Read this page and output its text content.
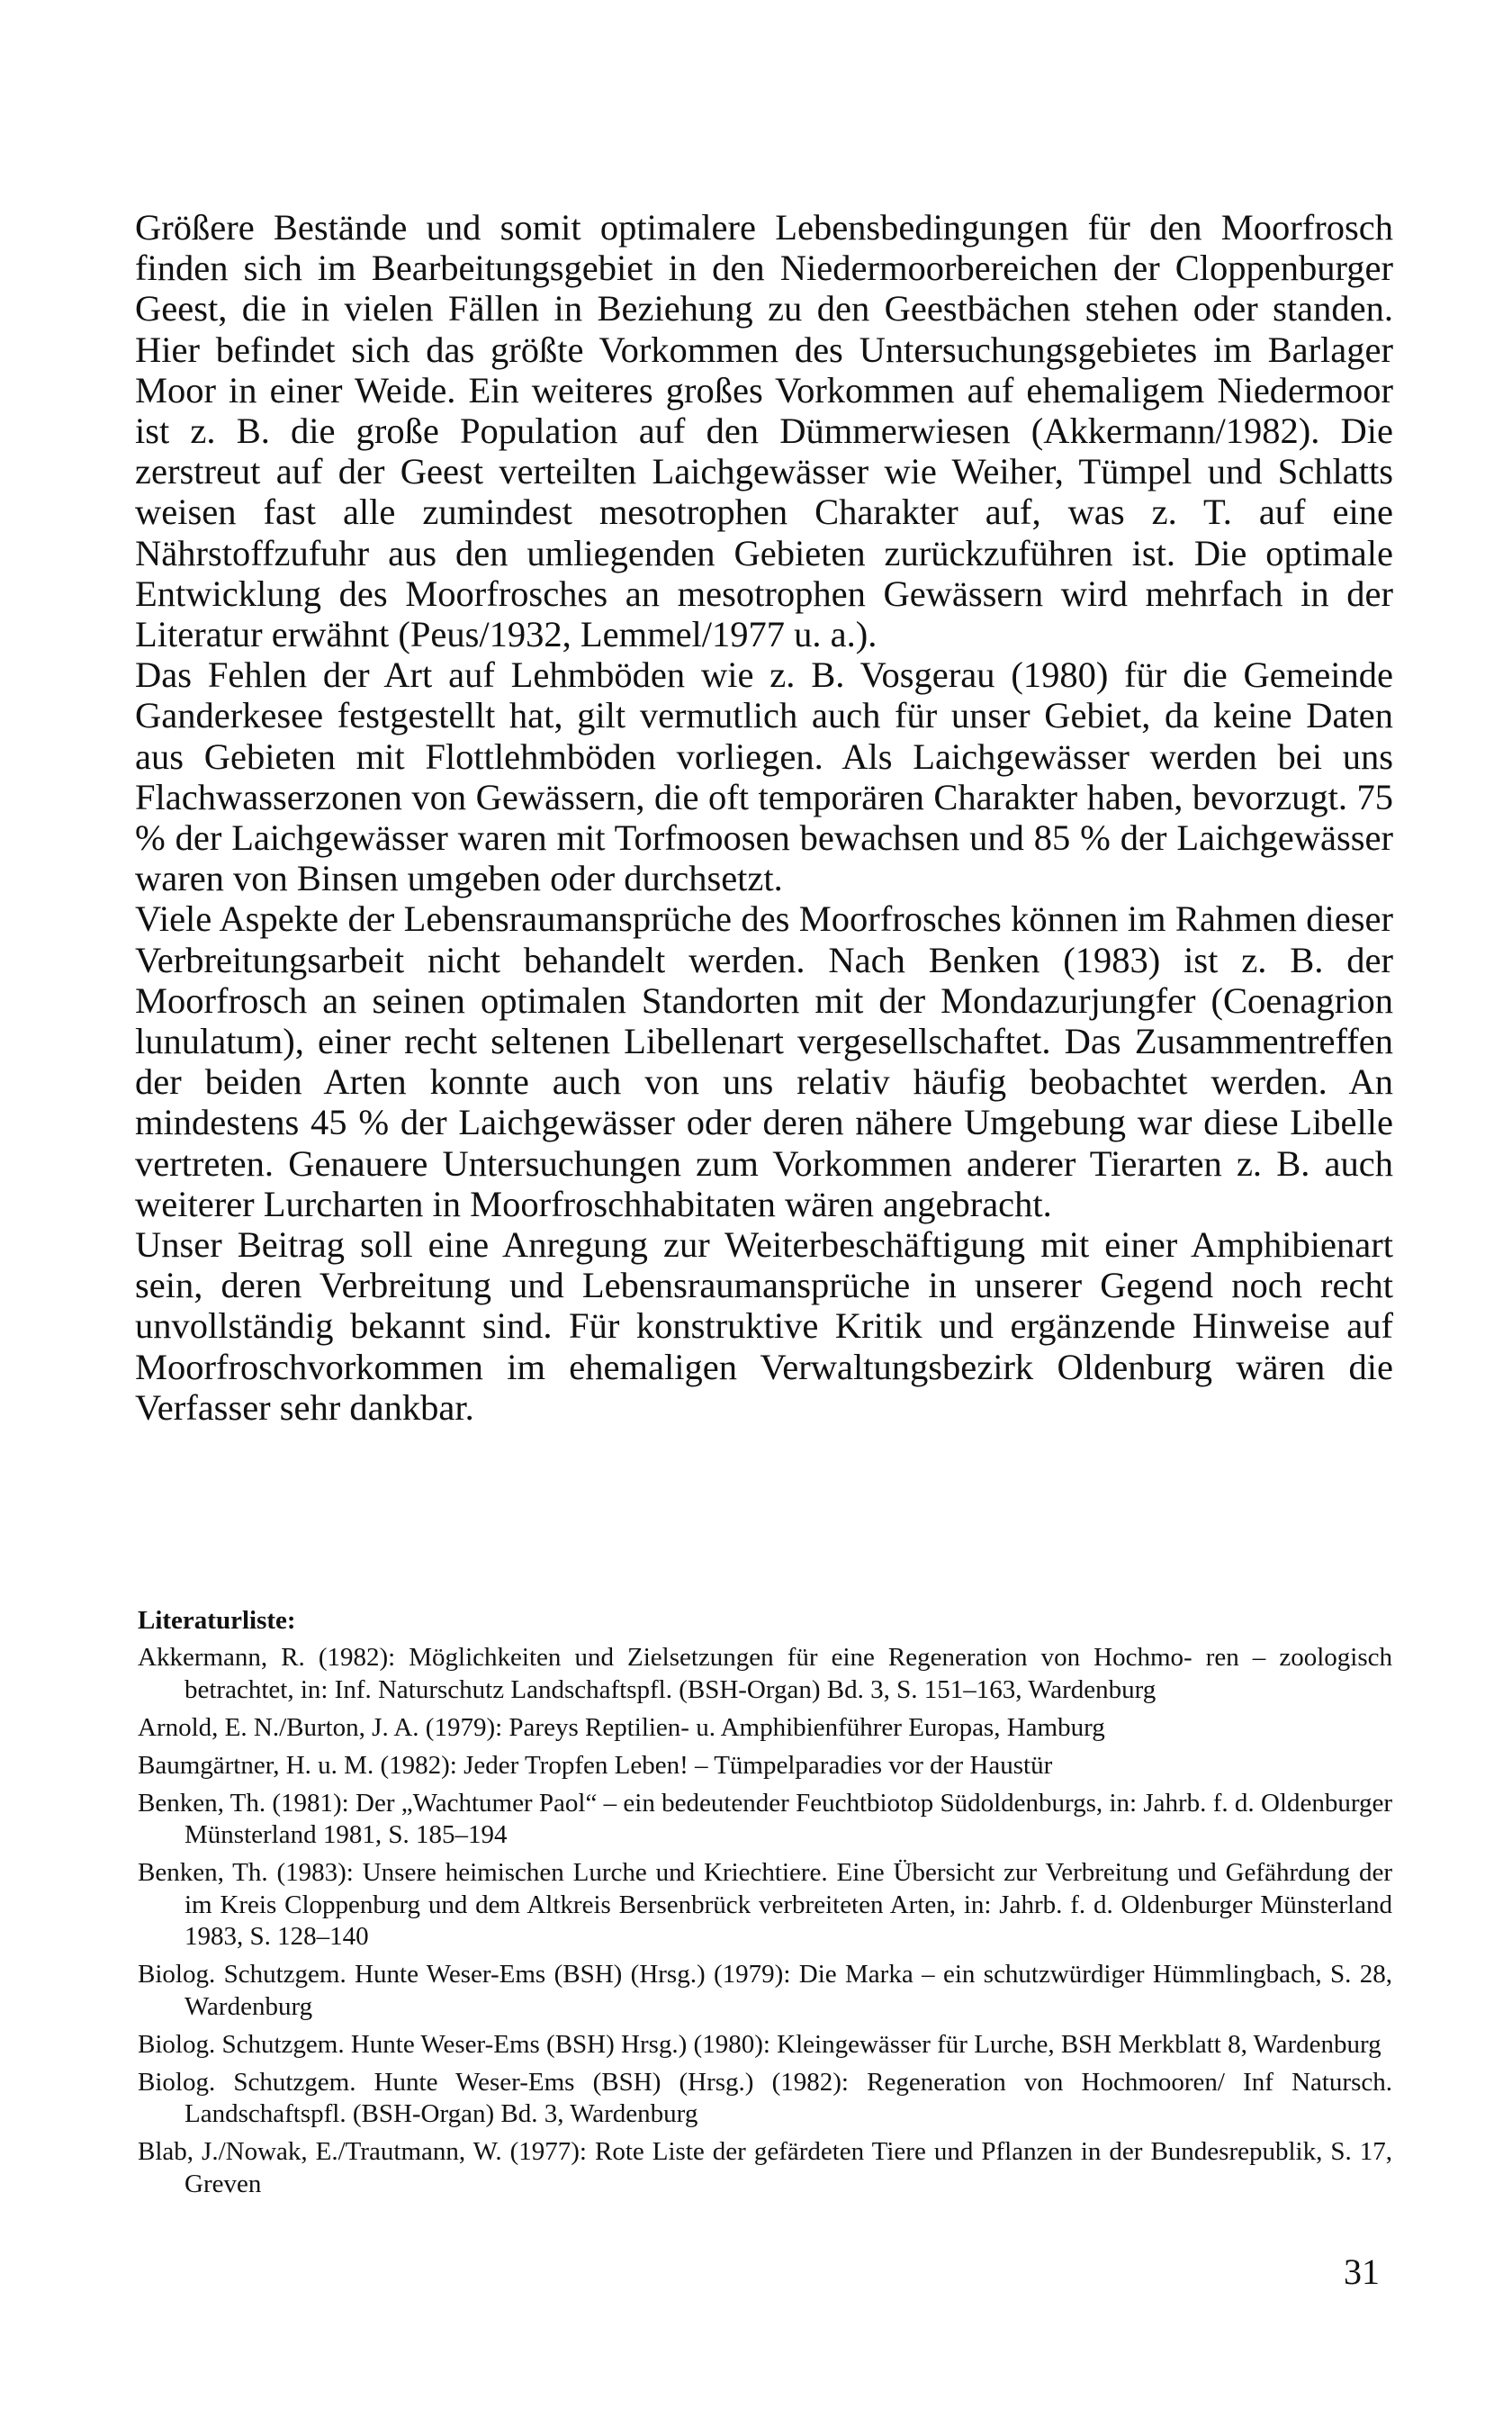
Größere Bestände und somit optimalere Lebensbedingungen für den Moorfrosch finden sich im Bearbeitungsgebiet in den Niedermoorbereichen der Cloppenburger Geest, die in vielen Fällen in Beziehung zu den Geestbächen stehen oder standen. Hier befindet sich das größte Vorkommen des Untersuchungsgebietes im Barlager Moor in einer Weide. Ein weiteres großes Vorkommen auf ehemaligem Niedermoor ist z. B. die große Population auf den Dümmerwiesen (Akkermann/1982). Die zerstreut auf der Geest verteilten Laichgewässer wie Weiher, Tümpel und Schlatts weisen fast alle zumindest mesotrophen Charakter auf, was z. T. auf eine Nährstoffzufuhr aus den umliegenden Gebieten zurückzuführen ist. Die optimale Entwicklung des Moorfrosches an mesotrophen Gewässern wird mehrfach in der Literatur erwähnt (Peus/1932, Lemmel/1977 u. a.).

Das Fehlen der Art auf Lehmböden wie z. B. Vosgerau (1980) für die Gemeinde Ganderkesee festgestellt hat, gilt vermutlich auch für unser Gebiet, da keine Daten aus Gebieten mit Flottlehmböden vorliegen. Als Laichgewässer werden bei uns Flachwasserzonen von Gewässern, die oft temporären Charakter haben, bevorzugt. 75 % der Laichgewässer waren mit Torfmoosen bewachsen und 85 % der Laichgewässer waren von Binsen umgeben oder durchsetzt.

Viele Aspekte der Lebensraumansprüche des Moorfrosches können im Rahmen dieser Verbreitungsarbeit nicht behandelt werden. Nach Benken (1983) ist z. B. der Moorfrosch an seinen optimalen Standorten mit der Mondazurjungfer (Coenagrion lunulatum), einer recht seltenen Libellenart vergesellschaftet. Das Zusammentreffen der beiden Arten konnte auch von uns relativ häufig beobachtet werden. An mindestens 45 % der Laichgewässer oder deren nähere Umgebung war diese Libelle vertreten. Genauere Untersuchungen zum Vorkommen anderer Tierarten z. B. auch weiterer Lurcharten in Moorfroschhabitaten wären angebracht.

Unser Beitrag soll eine Anregung zur Weiterbeschäftigung mit einer Amphibienart sein, deren Verbreitung und Lebensraumansprüche in unserer Gegend noch recht unvollständig bekannt sind. Für konstruktive Kritik und ergänzende Hinweise auf Moorfroschvorkommen im ehemaligen Verwaltungsbezirk Oldenburg wären die Verfasser sehr dankbar.

Literaturliste:

Akkermann, R. (1982): Möglichkeiten und Zielsetzungen für eine Regeneration von Hochmo- ren – zoologisch betrachtet, in: Inf. Naturschutz Landschaftspfl. (BSH-Organ) Bd. 3, S. 151–163, Wardenburg

Arnold, E. N./Burton, J. A. (1979): Pareys Reptilien- u. Amphibienführer Europas, Hamburg

Baumgärtner, H. u. M. (1982): Jeder Tropfen Leben! – Tümpelparadies vor der Haustür

Benken, Th. (1981): Der „Wachtumer Paol“ – ein bedeutender Feuchtbiotop Südoldenburgs, in: Jahrb. f. d. Oldenburger Münsterland 1981, S. 185–194

Benken, Th. (1983): Unsere heimischen Lurche und Kriechtiere. Eine Übersicht zur Verbreitung und Gefährdung der im Kreis Cloppenburg und dem Altkreis Bersenbrück verbreiteten Arten, in: Jahrb. f. d. Oldenburger Münsterland 1983, S. 128–140

Biolog. Schutzgem. Hunte Weser-Ems (BSH) (Hrsg.) (1979): Die Marka – ein schutzwürdiger Hümmlingbach, S. 28, Wardenburg

Biolog. Schutzgem. Hunte Weser-Ems (BSH) Hrsg.) (1980): Kleingewässer für Lurche, BSH Merkblatt 8, Wardenburg

Biolog. Schutzgem. Hunte Weser-Ems (BSH) (Hrsg.) (1982): Regeneration von Hochmooren/ Inf Natursch. Landschaftspfl. (BSH-Organ) Bd. 3, Wardenburg

Blab, J./Nowak, E./Trautmann, W. (1977): Rote Liste der gefärdeten Tiere und Pflanzen in der Bundesrepublik, S. 17, Greven

31
